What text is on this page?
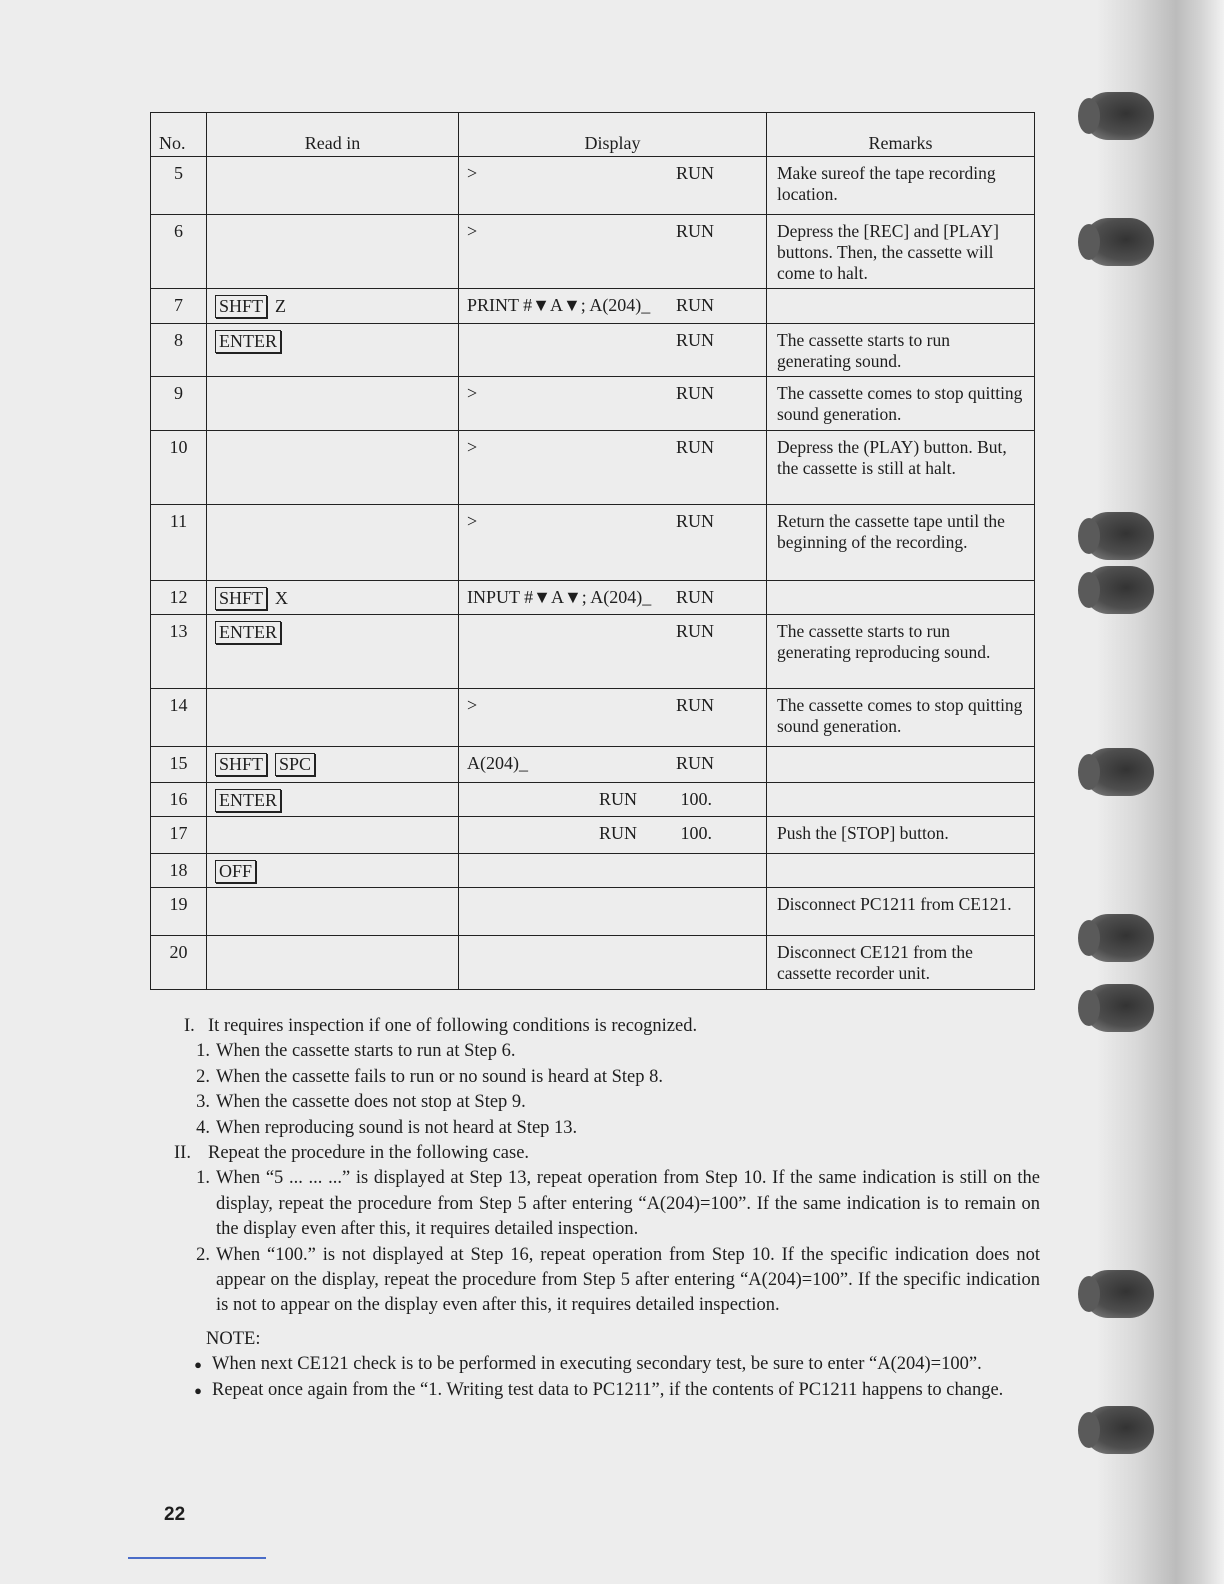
No.	Read in	Display	Remarks
5		> RUN	Make sureof the tape recording location.
6		> RUN	Depress the [REC] and [PLAY] buttons. Then, the cassette will come to halt.
7	SHFT Z	PRINT #▼A▼; A(204)_ RUN	

8	ENTER	RUN	The cassette starts to run generating sound.
9		> RUN	The cassette comes to stop quitting sound generation.
10		> RUN	Depress the (PLAY) button. But, the cassette is still at halt.
11		> RUN	Return the cassette tape until the beginning of the recording.
12	SHFT X	INPUT #▼A▼; A(204)_ RUN	

13	ENTER	RUN	The cassette starts to run generating reproducing sound.
14		> RUN	The cassette comes to stop quitting sound generation.
15	SHFT SPC	A(204)_ RUN	

16	ENTER	RUN 100.	

17		RUN 100.	Push the [STOP] button.
18	OFF	

19			Disconnect PC1211 from CE121.
20			Disconnect CE121 from the cassette recorder unit.
I. It requires inspection if one of following conditions is recognized.
1. When the cassette starts to run at Step 6.
2. When the cassette fails to run or no sound is heard at Step 8.
3. When the cassette does not stop at Step 9.
4. When reproducing sound is not heard at Step 13.
II. Repeat the procedure in the following case.
1. When “5 ... ... ...” is displayed at Step 13, repeat operation from Step 10. If the same indication is still on the display, repeat the procedure from Step 5 after entering “A(204)=100”. If the same indication is to remain on the display even after this, it requires detailed inspection.
2. When “100.” is not displayed at Step 16, repeat operation from Step 10. If the specific indication does not appear on the display, repeat the procedure from Step 5 after entering “A(204)=100”. If the specific indication is not to appear on the display even after this, it requires detailed inspection.
NOTE:
● When next CE121 check is to be performed in executing secondary test, be sure to enter “A(204)=100”.
● Repeat once again from the “1. Writing test data to PC1211”, if the contents of PC1211 happens to change.
22
